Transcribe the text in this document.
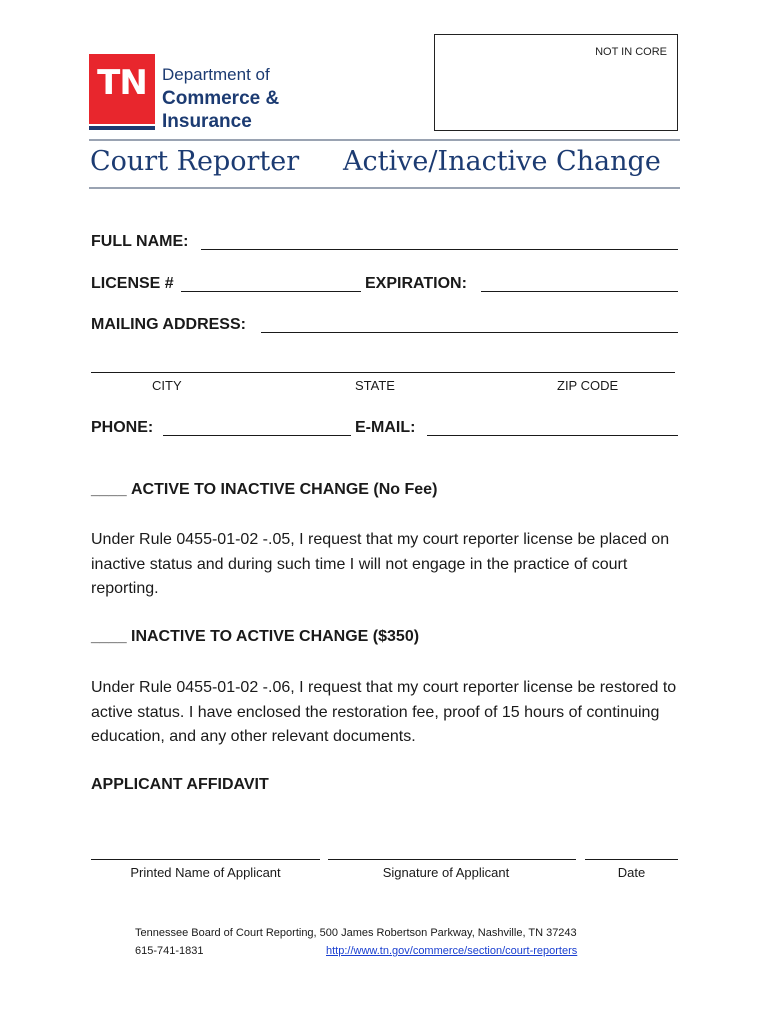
TN Department of
Commerce &
Insurance
NOT IN CORE
Court Reporter Active/Inactive Change
FULL NAME:
LICENSE #	EXPIRATION:
MAILING ADDRESS:
CITY	STATE	ZIP CODE
PHONE:	E-MAIL:
____ ACTIVE TO INACTIVE CHANGE (No Fee)
Under Rule 0455-01-02 -.05, I request that my court reporter license be placed on inactive status and during such time I will not engage in the practice of court reporting.
____ INACTIVE TO ACTIVE CHANGE ($350)
Under Rule 0455-01-02 -.06, I request that my court reporter license be restored to active status. I have enclosed the restoration fee, proof of 15 hours of continuing education, and any other relevant documents.
APPLICANT AFFIDAVIT
Printed Name of Applicant	Signature of Applicant	Date
Tennessee Board of Court Reporting, 500 James Robertson Parkway, Nashville, TN 37243
615-741-1831	http://www.tn.gov/commerce/section/court-reporters
